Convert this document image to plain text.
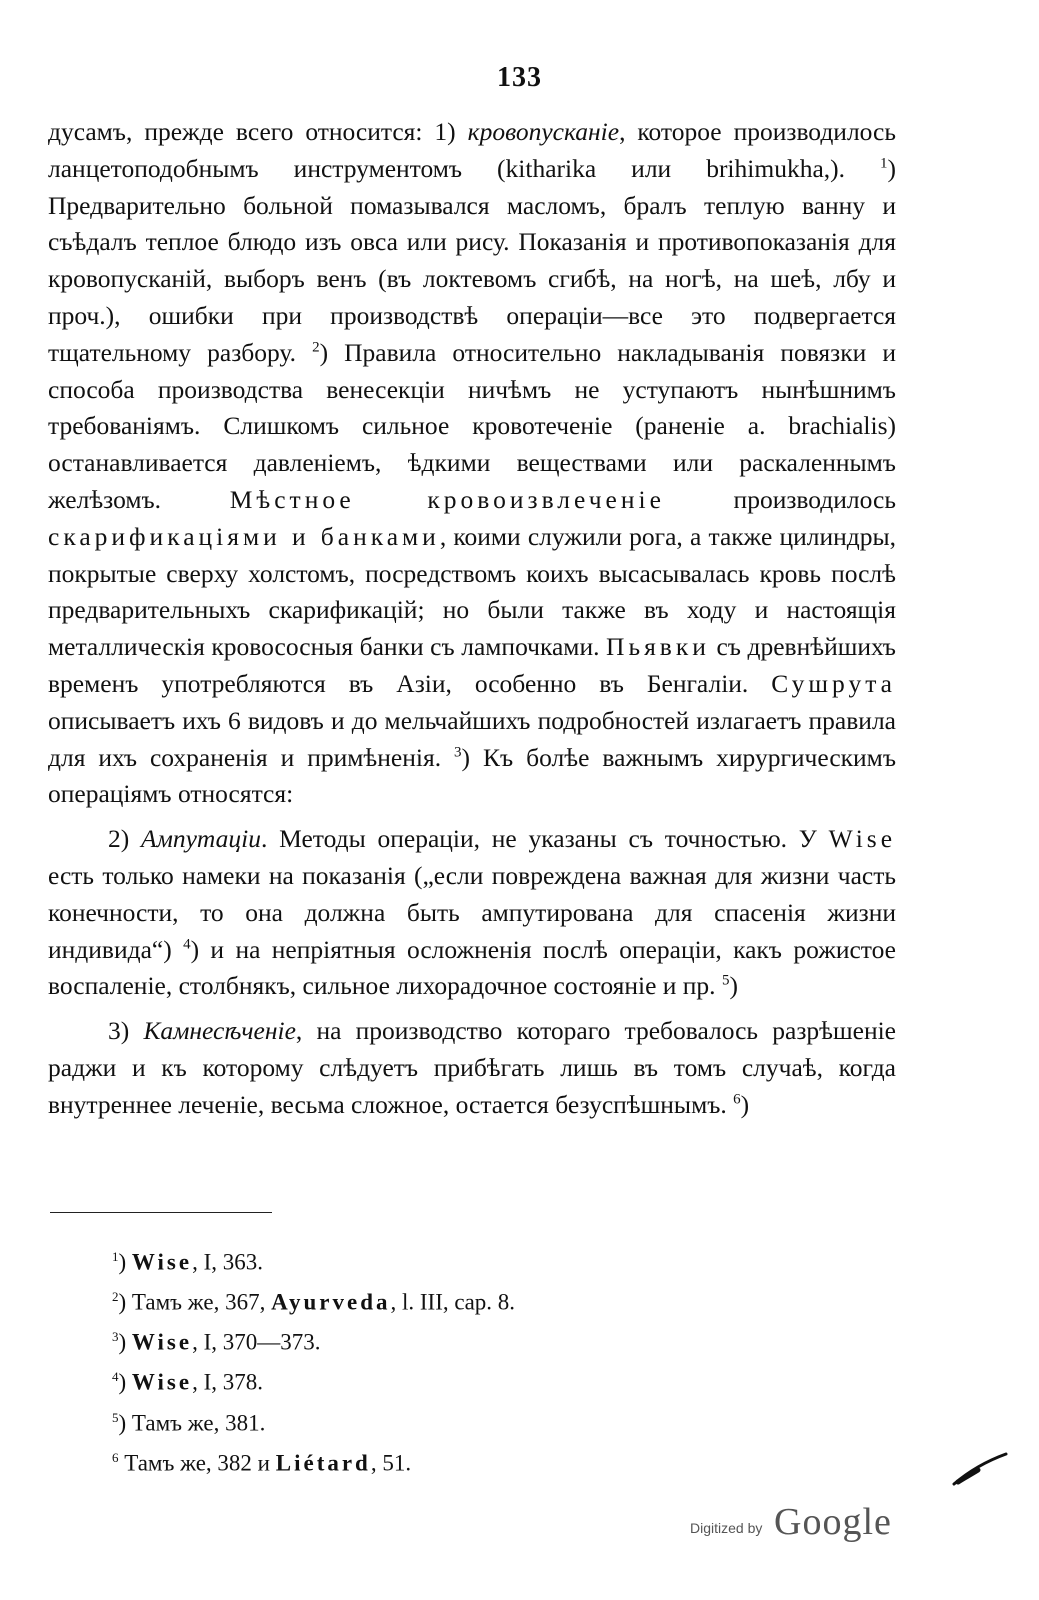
133

дусамъ, прежде всего относится: 1) кровопусканіе, которое производилось ланцетоподобнымъ инструментомъ (kitharika или brihimukha,). $^1$) Предварительно больной помазывался масломъ, бралъ теплую ванну и съѣдалъ теплое блюдо изъ овса или рису. Показанія и противопоказанія для кровопусканій, выборъ венъ (въ локтевомъ сгибѣ, на ногѣ, на шеѣ, лбу и проч.), ошибки при производствѣ операціи—все это подвергается тщательному разбору. $^2$) Правила относительно накладыванія повязки и способа производства венесекціи ничѣмъ не уступаютъ нынѣшнимъ требованіямъ. Слишкомъ сильное кровотеченіе (раненіе a. brachialis) останавливается давленіемъ, ѣдкими веществами или раскаленнымъ желѣзомъ. Мѣстное кровоизвлеченіе производилось скарификаціями и банками, коими служили рога, а также цилиндры, покрытые сверху холстомъ, посредствомъ коихъ высасывалась кровь послѣ предварительныхъ скарификацій; но были также въ ходу и настоящія металлическія кровососныя банки съ лампочками. Пьявки съ древнѣйшихъ временъ употребляются въ Азіи, особенно въ Бенгаліи. Сушрута описываетъ ихъ 6 видовъ и до мельчайшихъ подробностей излагаетъ правила для ихъ сохраненія и примѣненія. $^3$) Къ болѣе важнымъ хирургическимъ операціямъ относятся:

2) Ампутаціи. Методы операціи, не указаны съ точностью. У Wise есть только намеки на показанія („если повреждена важная для жизни часть конечности, то она должна быть ампутирована для спасенія жизни индивида“) $^4$) и на непріятныя осложненія послѣ операціи, какъ рожистое воспаленіе, столбнякъ, сильное лихорадочное состояніе и пр. $^5$)

3) Камнесѣченіе, на производство котораго требовалось разрѣшеніе раджи и къ которому слѣдуетъ прибѣгать лишь въ томъ случаѣ, когда внутреннее леченіе, весьма сложное, остается безуспѣшнымъ. $^6$)

$^1$) Wise, I, 363.
$^2$) Тамъ же, 367, Ayurveda, l. III, cap. 8.
$^3$) Wise, I, 370—373.
$^4$) Wise, I, 378.
$^5$) Тамъ же, 381.
$^6$ Тамъ же, 382 и Liétard, 51.
Digitized by Google
